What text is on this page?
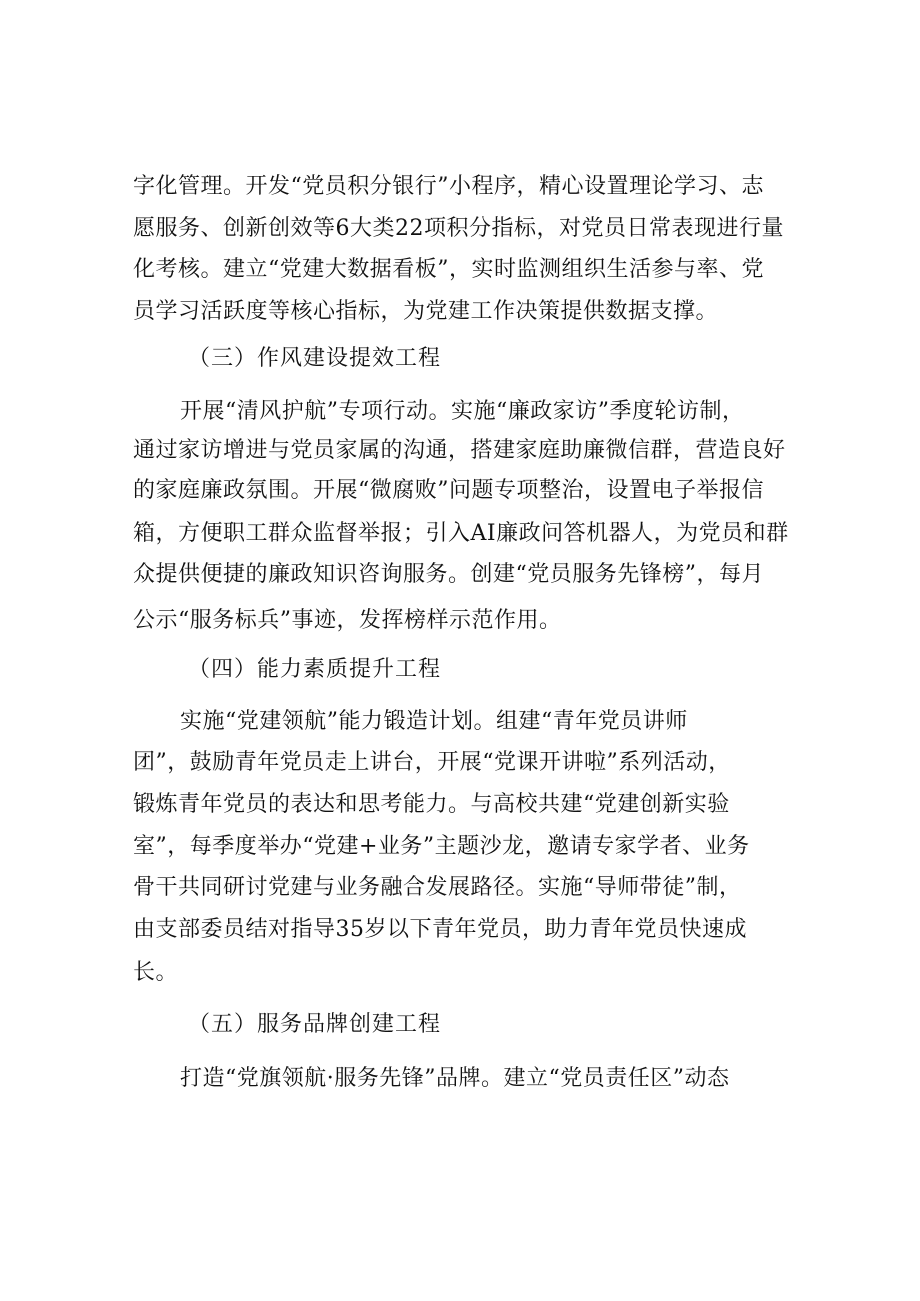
字化管理。开发“党员积分银行”小程序，精心设置理论学习、志
愿服务、创新创效等6大类22项积分指标，对党员日常表现进行量
化考核。建立“党建大数据看板”，实时监测组织生活参与率、党
员学习活跃度等核心指标，为党建工作决策提供数据支撑。
（三）作风建设提效工程
开展“清风护航”专项行动。实施“廉政家访”季度轮访制，
通过家访增进与党员家属的沟通，搭建家庭助廉微信群，营造良好
的家庭廉政氛围。开展“微腐败”问题专项整治，设置电子举报信
箱，方便职工群众监督举报；引入AI廉政问答机器人，为党员和群
众提供便捷的廉政知识咨询服务。创建“党员服务先锋榜”，每月
公示“服务标兵”事迹，发挥榜样示范作用。
（四）能力素质提升工程
实施“党建领航”能力锻造计划。组建“青年党员讲师
团”，鼓励青年党员走上讲台，开展“党课开讲啦”系列活动，
锻炼青年党员的表达和思考能力。与高校共建“党建创新实验
室”，每季度举办“党建+业务”主题沙龙，邀请专家学者、业务
骨干共同研讨党建与业务融合发展路径。实施“导师带徒”制，
由支部委员结对指导35岁以下青年党员，助力青年党员快速成
长。
（五）服务品牌创建工程
打造“党旗领航·服务先锋”品牌。建立“党员责任区”动态
